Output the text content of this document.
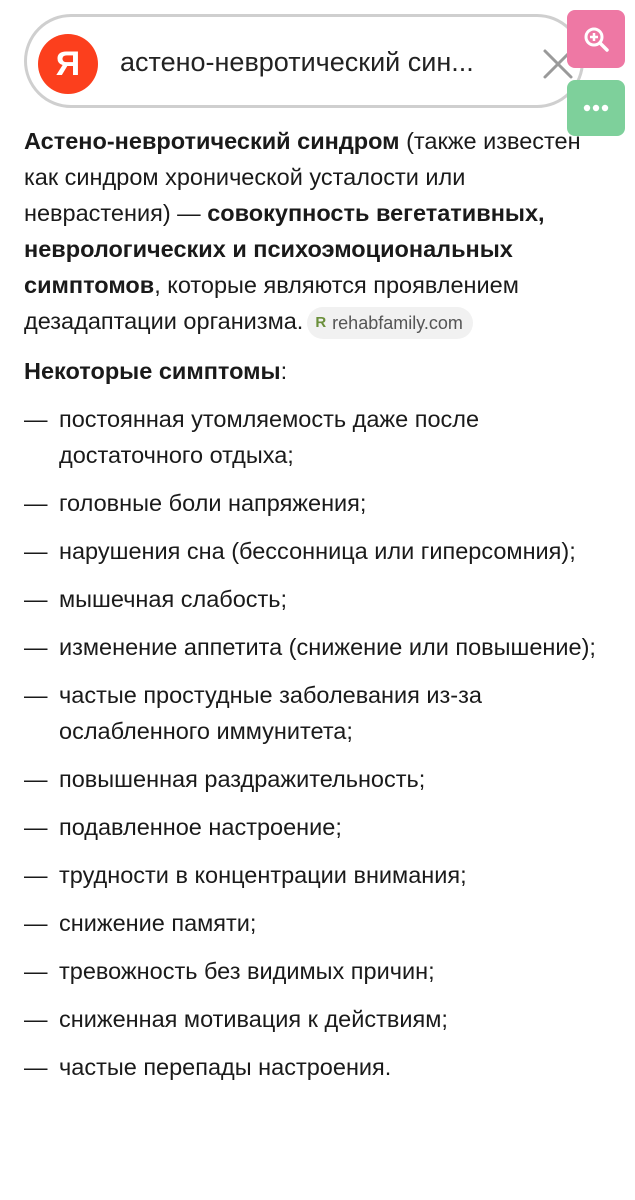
Я	астено-невротический син...

Астено-невротический синдром (также известен как синдром хронической усталости или неврастения) — совокупность вегетативных, неврологических и психоэмоциональных симптомов, которые являются проявлением дезадаптации организма. R rehabfamily.com

Некоторые симптомы:

— постоянная утомляемость даже после достаточного отдыха;
— головные боли напряжения;
— нарушения сна (бессонница или гиперсомния);
— мышечная слабость;
— изменение аппетита (снижение или повышение);
— частые простудные заболевания из-за ослабленного иммунитета;
— повышенная раздражительность;
— подавленное настроение;
— трудности в концентрации внимания;
— снижение памяти;
— тревожность без видимых причин;
— сниженная мотивация к действиям;
— частые перепады настроения.
